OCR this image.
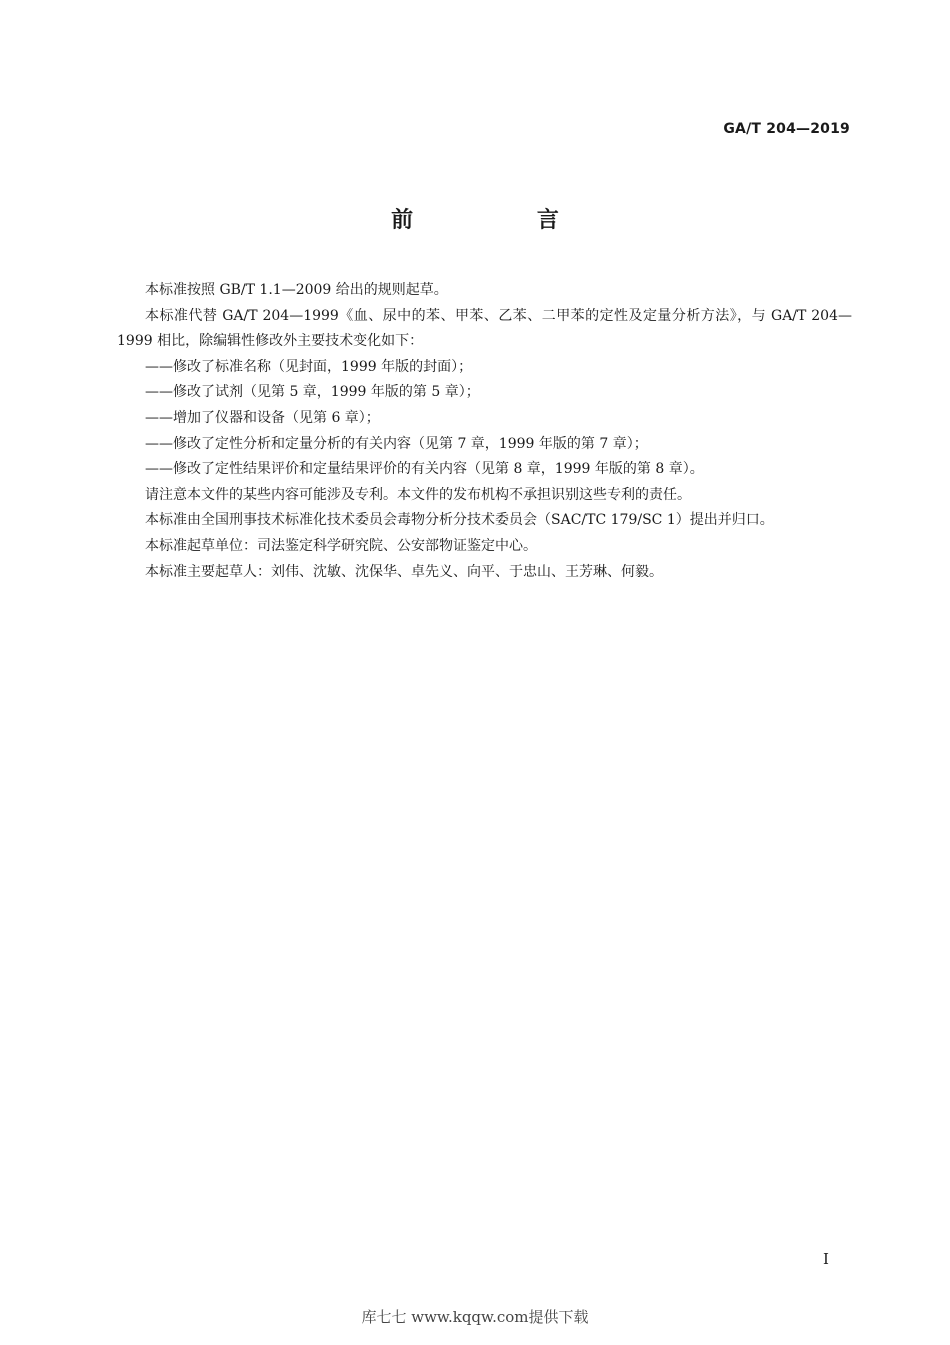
GA/T 204—2019
前 言

本标准按照 GB/T 1.1—2009 给出的规则起草。

本标准代替 GA/T 204—1999《血、尿中的苯、甲苯、乙苯、二甲苯的定性及定量分析方法》，与 GA/T 204—1999 相比，除编辑性修改外主要技术变化如下：

——修改了标准名称（见封面，1999 年版的封面）；

——修改了试剂（见第 5 章，1999 年版的第 5 章）；

——增加了仪器和设备（见第 6 章）；

——修改了定性分析和定量分析的有关内容（见第 7 章，1999 年版的第 7 章）；

——修改了定性结果评价和定量结果评价的有关内容（见第 8 章，1999 年版的第 8 章）。

请注意本文件的某些内容可能涉及专利。本文件的发布机构不承担识别这些专利的责任。

本标准由全国刑事技术标准化技术委员会毒物分析分技术委员会（SAC/TC 179/SC 1）提出并归口。

本标准起草单位：司法鉴定科学研究院、公安部物证鉴定中心。

本标准主要起草人：刘伟、沈敏、沈保华、卓先义、向平、于忠山、王芳琳、何毅。

I
库七七 www.kqqw.com提供下载
